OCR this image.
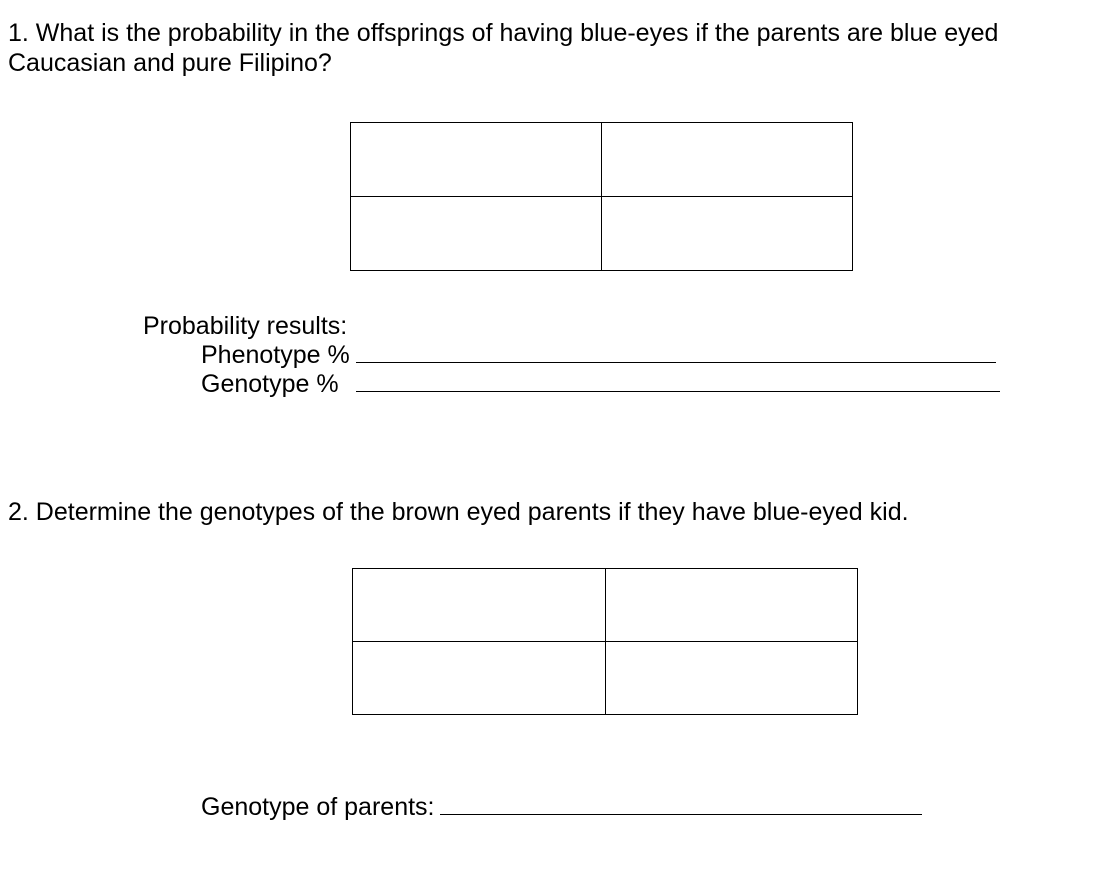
1. What is the probability in the offsprings of having blue-eyes if the parents are blue eyed Caucasian and pure Filipino?

Probability results:
Phenotype %
Genotype %

2. Determine the genotypes of the brown eyed parents if they have blue-eyed kid.

Genotype of parents:
